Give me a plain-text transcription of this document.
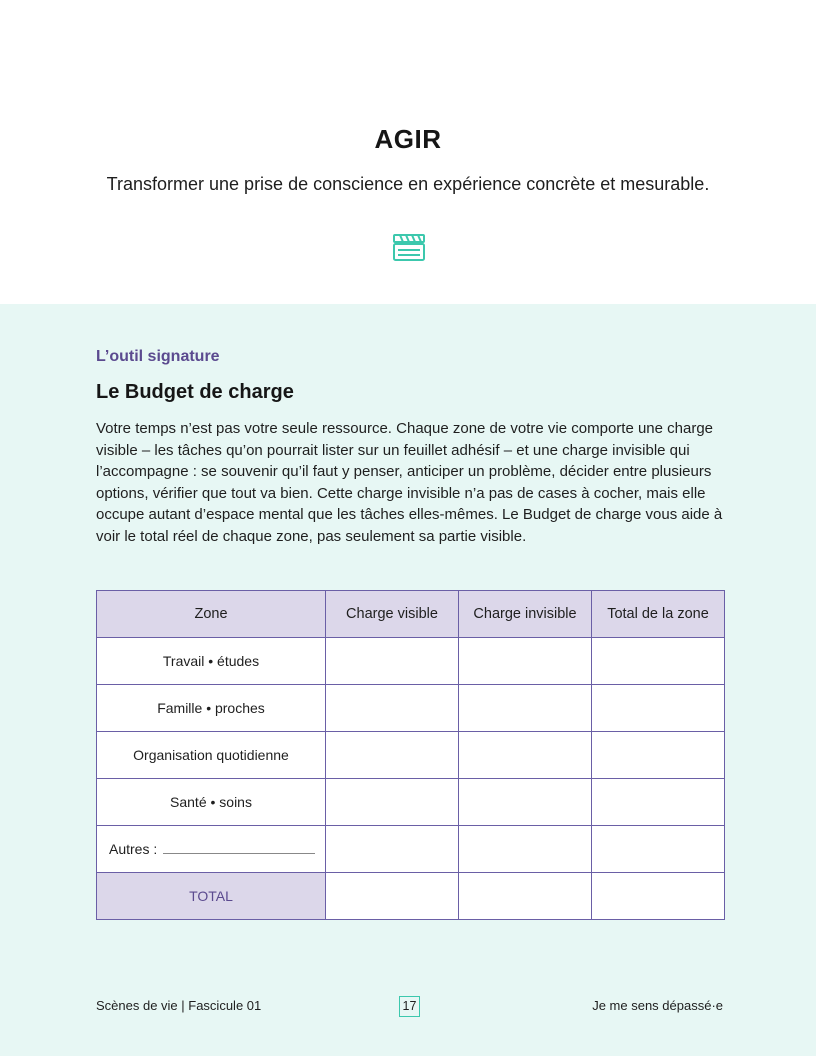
AGIR
Transformer une prise de conscience en expérience concrète et mesurable.
L’outil signature
Le Budget de charge
Votre temps n’est pas votre seule ressource. Chaque zone de votre vie comporte une charge visible – les tâches qu’on pourrait lister sur un feuillet adhésif – et une charge invisible qui l’accompagne : se souvenir qu’il faut y penser, anticiper un problème, décider entre plusieurs options, vérifier que tout va bien. Cette charge invisible n’a pas de cases à cocher, mais elle occupe autant d’espace mental que les tâches elles-mêmes. Le Budget de charge vous aide à voir le total réel de chaque zone, pas seulement sa partie visible.
Zone	Charge visible	Charge invisible	Total de la zone
Travail • études			
Famille • proches			
Organisation quotidienne			
Santé • soins			
Autres :			
TOTAL			
Scènes de vie | Fascicule 01	17	Je me sens dépassé·e
